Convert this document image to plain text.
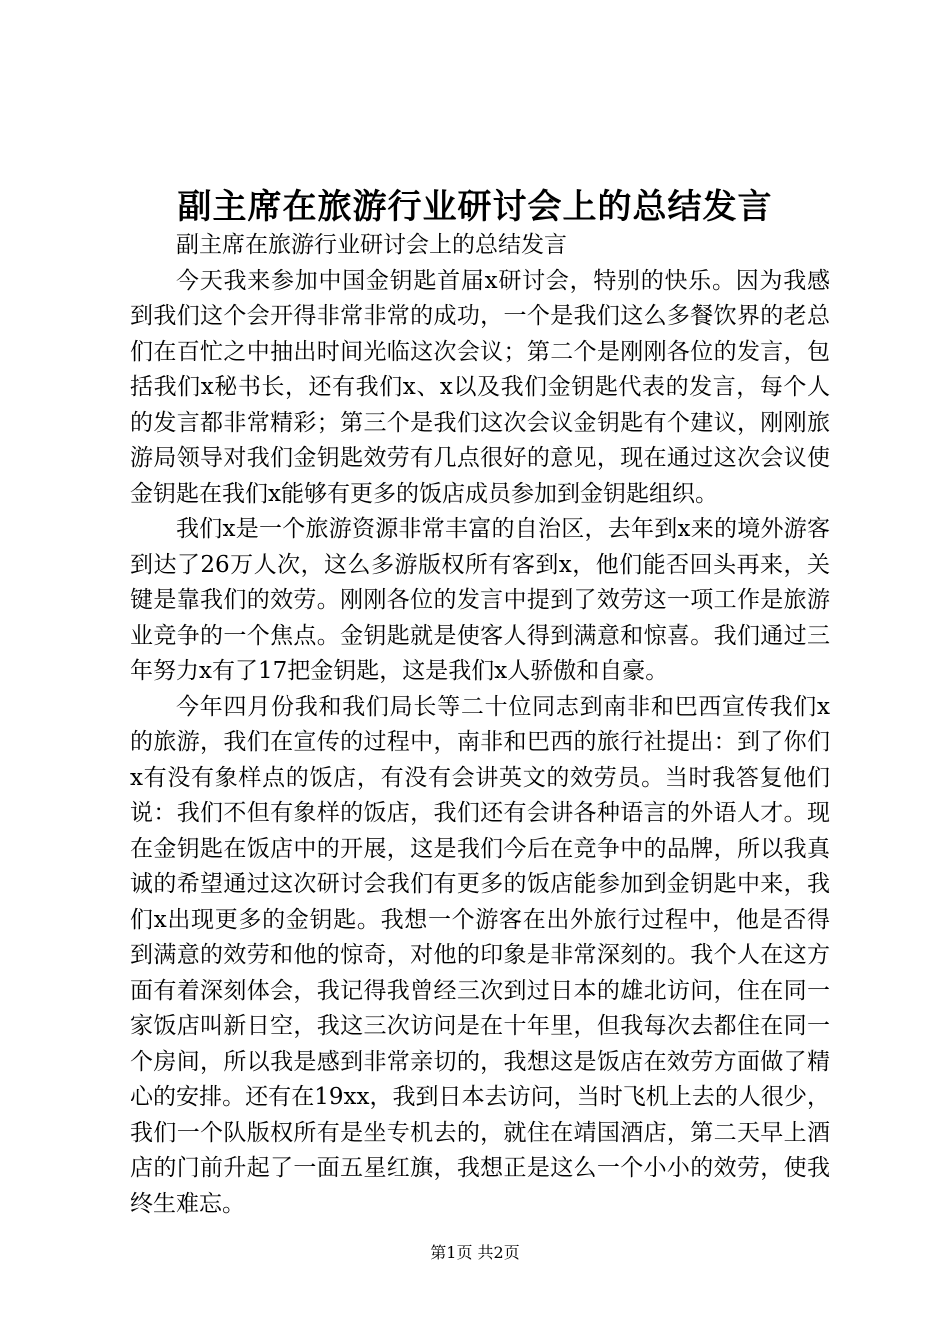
副主席在旅游行业研讨会上的总结发言

副主席在旅游行业研讨会上的总结发言

今天我来参加中国金钥匙首届x研讨会，特别的快乐。因为我感到我们这个会开得非常非常的成功，一个是我们这么多餐饮界的老总们在百忙之中抽出时间光临这次会议；第二个是刚刚各位的发言，包括我们x秘书长，还有我们x、x以及我们金钥匙代表的发言，每个人的发言都非常精彩；第三个是我们这次会议金钥匙有个建议，刚刚旅游局领导对我们金钥匙效劳有几点很好的意见，现在通过这次会议使金钥匙在我们x能够有更多的饭店成员参加到金钥匙组织。

我们x是一个旅游资源非常丰富的自治区，去年到x来的境外游客到达了26万人次，这么多游版权所有客到x，他们能否回头再来，关键是靠我们的效劳。刚刚各位的发言中提到了效劳这一项工作是旅游业竞争的一个焦点。金钥匙就是使客人得到满意和惊喜。我们通过三年努力x有了17把金钥匙，这是我们x人骄傲和自豪。

今年四月份我和我们局长等二十位同志到南非和巴西宣传我们x的旅游，我们在宣传的过程中，南非和巴西的旅行社提出：到了你们x有没有象样点的饭店，有没有会讲英文的效劳员。当时我答复他们说：我们不但有象样的饭店，我们还有会讲各种语言的外语人才。现在金钥匙在饭店中的开展，这是我们今后在竞争中的品牌，所以我真诚的希望通过这次研讨会我们有更多的饭店能参加到金钥匙中来，我们x出现更多的金钥匙。我想一个游客在出外旅行过程中，他是否得到满意的效劳和他的惊奇，对他的印象是非常深刻的。我个人在这方面有着深刻体会，我记得我曾经三次到过日本的雄北访问，住在同一家饭店叫新日空，我这三次访问是在十年里，但我每次去都住在同一个房间，所以我是感到非常亲切的，我想这是饭店在效劳方面做了精心的安排。还有在19xx，我到日本去访问，当时飞机上去的人很少，我们一个队版权所有是坐专机去的，就住在靖国酒店，第二天早上酒店的门前升起了一面五星红旗，我想正是这么一个小小的效劳，使我终生难忘。

第1页 共2页
